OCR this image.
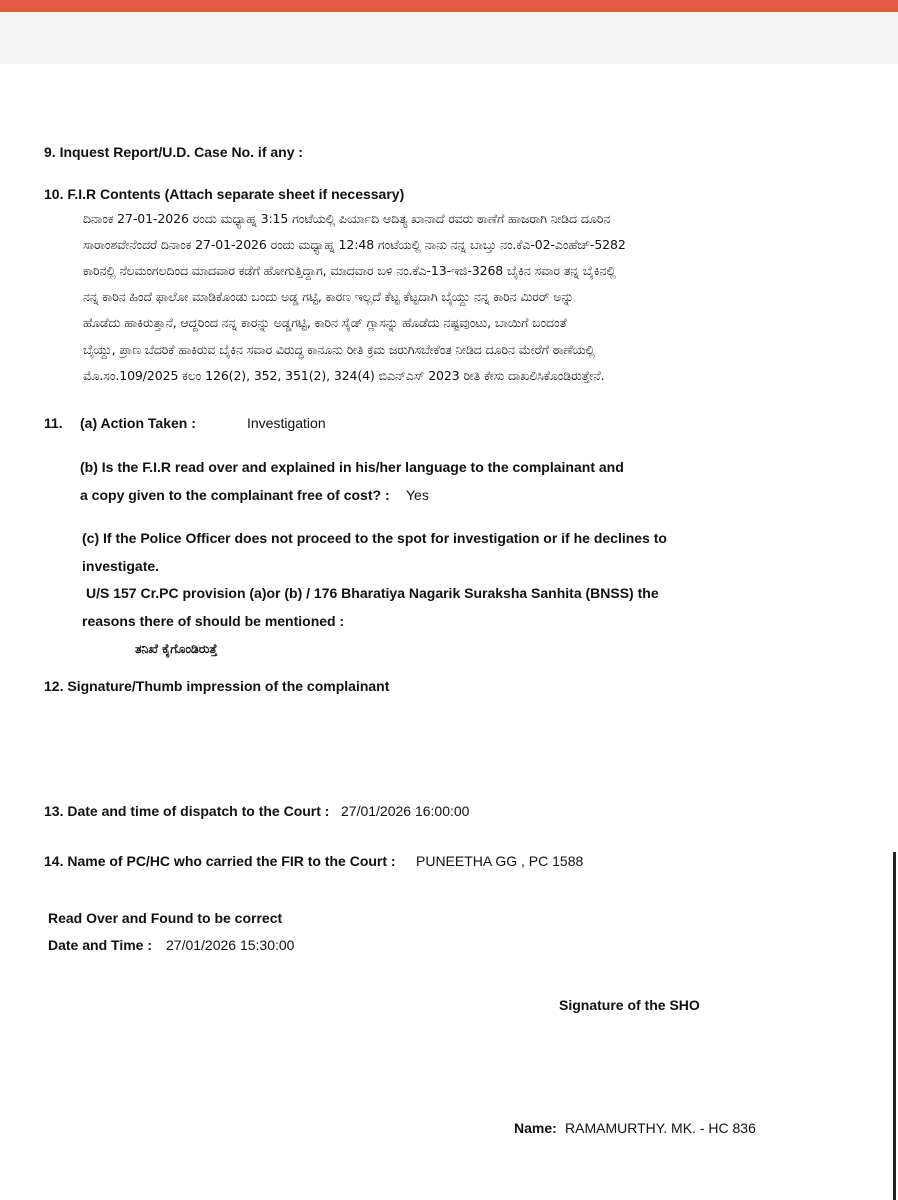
9. Inquest Report/U.D. Case No. if any :
10. F.I.R Contents (Attach separate sheet if necessary)
ದಿನಾಂಕ 27-01-2026 ರಂದು ಮಧ್ಯಾಹ್ನ 3:15 ಗಂಟೆಯಲ್ಲಿ ಪಿರ್ಯಾದಿ ಆದಿತ್ಯ ಖಾನಾದೆ ರವರು ಠಾಣೆಗೆ ಹಾಜರಾಗಿ ನೀಡಿದ ದೂರಿನ
ಸಾರಾಂಶವೇನೆಂದರೆ ದಿನಾಂಕ 27-01-2026 ರಂದು ಮಧ್ಯಾಹ್ನ 12:48 ಗಂಟೆಯಲ್ಲಿ ನಾನು ನನ್ನ ಬಾಬ್ತು ನಂ.ಕೆಎ-02-ಎಂಹೆಚ್-5282
ಕಾರಿನಲ್ಲಿ ನೆಲಮಂಗಲದಿಂದ ಮಾದವಾರ ಕಡೆಗೆ ಹೋಗುತ್ತಿದ್ದಾಗ, ಮಾದವಾರ ಬಳಿ ನಂ.ಕೆಎ-13-ಇಜಿ-3268 ಬೈಕಿನ ಸವಾರ ತನ್ನ ಬೈಕಿನಲ್ಲಿ
ನನ್ನ ಕಾರಿನ ಹಿಂದೆ ಫಾಲೋ ಮಾಡಿಕೊಂಡು ಬಂದು ಅಡ್ಡ ಗಟ್ಟಿ, ಕಾರಣ ಇಲ್ಲದೆ ಕೆಟ್ಟ ಕೆಟ್ಟದಾಗಿ ಬೈಯ್ದು ನನ್ನ ಕಾರಿನ ಮಿರರ್ ಅನ್ನು
ಹೊಡೆದು ಹಾಕಿರುತ್ತಾನೆ, ಆದ್ದರಿಂದ ನನ್ನ ಕಾರನ್ನು ಅಡ್ಡಗಟ್ಟಿ, ಕಾರಿನ ಸೈಡ್ ಗ್ಲಾಸನ್ನು ಹೊಡೆದು ನಷ್ಟವುಂಟು, ಬಾಯಿಗೆ ಬಂದಂತೆ
ಬೈಯ್ದು, ಪ್ರಾಣ ಬೆದರಿಕೆ ಹಾಕಿರುವ ಬೈಕಿನ ಸವಾರ ವಿರುದ್ಧ ಕಾನೂನು ರೀತಿ ಕ್ರಮ ಜರುಗಿಸಬೇಕೆಂತ ನೀಡಿದ ದೂರಿನ ಮೇರೆಗೆ ಠಾಣೆಯಲ್ಲಿ
ಮೊ.ಸಂ.109/2025 ಕಲಂ 126(2), 352, 351(2), 324(4) ಬಿಎನ್‌ಎಸ್ 2023 ರೀತಿ ಕೇಸು ದಾಖಲಿಸಿಕೊಂಡಿರುತ್ತೇನೆ.
11. (a) Action Taken :	Investigation
(b) Is the F.I.R read over and explained in his/her language to the complainant and
a copy given to the complainant free of cost? : Yes
(c) If the Police Officer does not proceed to the spot for investigation or if he declines to
investigate.
U/S 157 Cr.PC provision (a)or (b) / 176 Bharatiya Nagarik Suraksha Sanhita (BNSS) the
reasons there of should be mentioned :
ತನಿಖೆ ಕೈಗೊಂಡಿರುತ್ತೆ
12. Signature/Thumb impression of the complainant
13. Date and time of dispatch to the Court : 27/01/2026 16:00:00
14. Name of PC/HC who carried the FIR to the Court : PUNEETHA GG , PC 1588
Read Over and Found to be correct
Date and Time : 27/01/2026 15:30:00
Signature of the SHO
Name: RAMAMURTHY. MK. - HC 836
